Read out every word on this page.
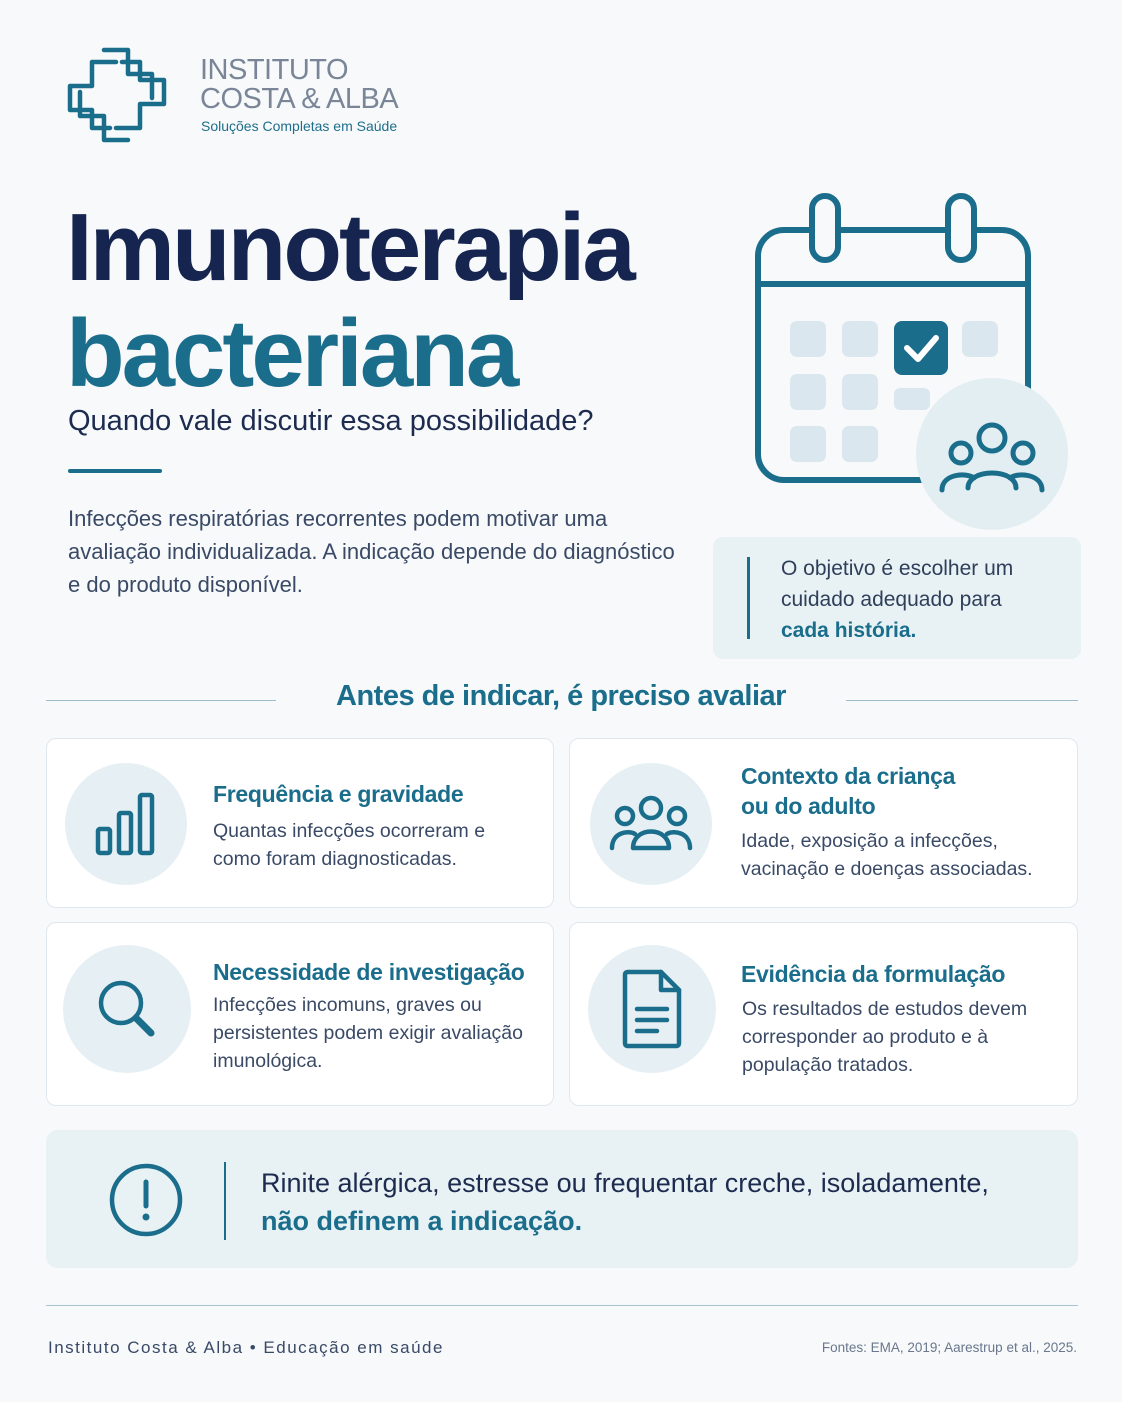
INSTITUTO
COSTA & ALBA
Soluções Completas em Saúde
Imunoterapia
bacteriana
Quando vale discutir essa possibilidade?
Infecções respiratórias recorrentes podem motivar uma avaliação individualizada. A indicação depende do diagnóstico e do produto disponível.
O objetivo é escolher um cuidado adequado para
cada história.
Antes de indicar, é preciso avaliar
Frequência e gravidade
Quantas infecções ocorreram e como foram diagnosticadas.
Contexto da criança ou do adulto
Idade, exposição a infecções, vacinação e doenças associadas.
Necessidade de investigação
Infecções incomuns, graves ou persistentes podem exigir avaliação imunológica.
Evidência da formulação
Os resultados de estudos devem corresponder ao produto e à população tratados.
Rinite alérgica, estresse ou frequentar creche, isoladamente,
não definem a indicação.
Instituto Costa & Alba • Educação em saúde	Fontes: EMA, 2019; Aarestrup et al., 2025.
